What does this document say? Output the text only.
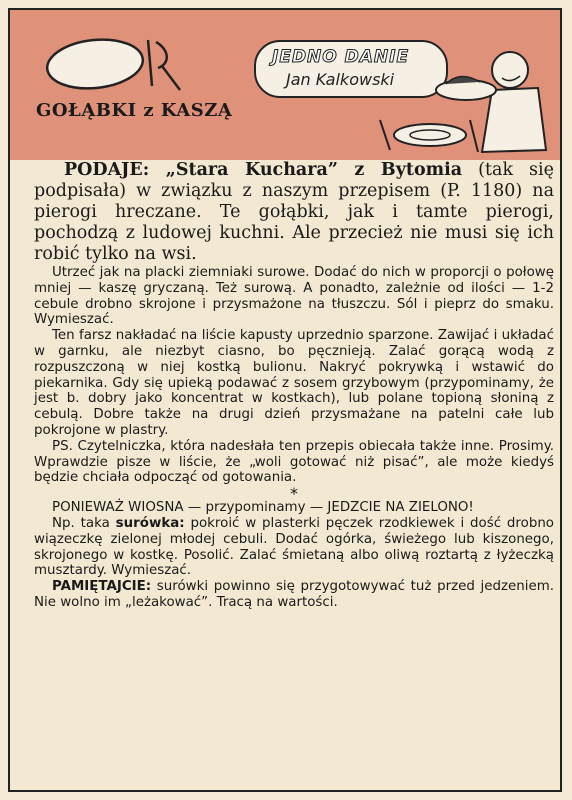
GOŁĄBKI z KASZĄ
JEDNO DANIE
Jan Kalkowski

PODAJE: „Stara Kuchara” z Bytomia (tak się podpisała) w związku z naszym przepisem (P. 1180) na pierogi hreczane. Te gołąbki, jak i tamte pierogi, pochodzą z ludowej kuchni. Ale przecież nie musi się ich robić tylko na wsi.

Utrzeć jak na placki ziemniaki surowe. Dodać do nich w proporcji o połowę mniej — kaszę gryczaną. Też surową. A ponadto, zależnie od ilości — 1-2 cebule drobno skrojone i przysmażone na tłuszczu. Sól i pieprz do smaku. Wymieszać.

Ten farsz nakładać na liście kapusty uprzednio sparzone. Zawijać i układać w garnku, ale niezbyt ciasno, bo pęcznieją. Zalać gorącą wodą z rozpuszczoną w niej kostką bulionu. Nakryć pokrywką i wstawić do piekarnika. Gdy się upieką podawać z sosem grzybowym (przypominamy, że jest b. dobry jako koncentrat w kostkach), lub polane topioną słoniną z cebulą. Dobre także na drugi dzień przysmażane na patelni całe lub pokrojone w plastry.

PS. Czytelniczka, która nadesłała ten przepis obiecała także inne. Prosimy. Wprawdzie pisze w liście, że „woli gotować niż pisać”, ale może kiedyś będzie chciała odpocząć od gotowania.

*

PONIEWAŻ WIOSNA — przypominamy — JEDZCIE NA ZIELONO!

Np. taka surówka: pokroić w plasterki pęczek rzodkiewek i dość drobno wiązeczkę zielonej młodej cebuli. Dodać ogórka, świeżego lub kiszonego, skrojonego w kostkę. Posolić. Zalać śmietaną albo oliwą roztartą z łyżeczką musztardy. Wymieszać.

PAMIĘTAJCIE: surówki powinno się przygotowywać tuż przed jedzeniem. Nie wolno im „leżakować”. Tracą na wartości.
